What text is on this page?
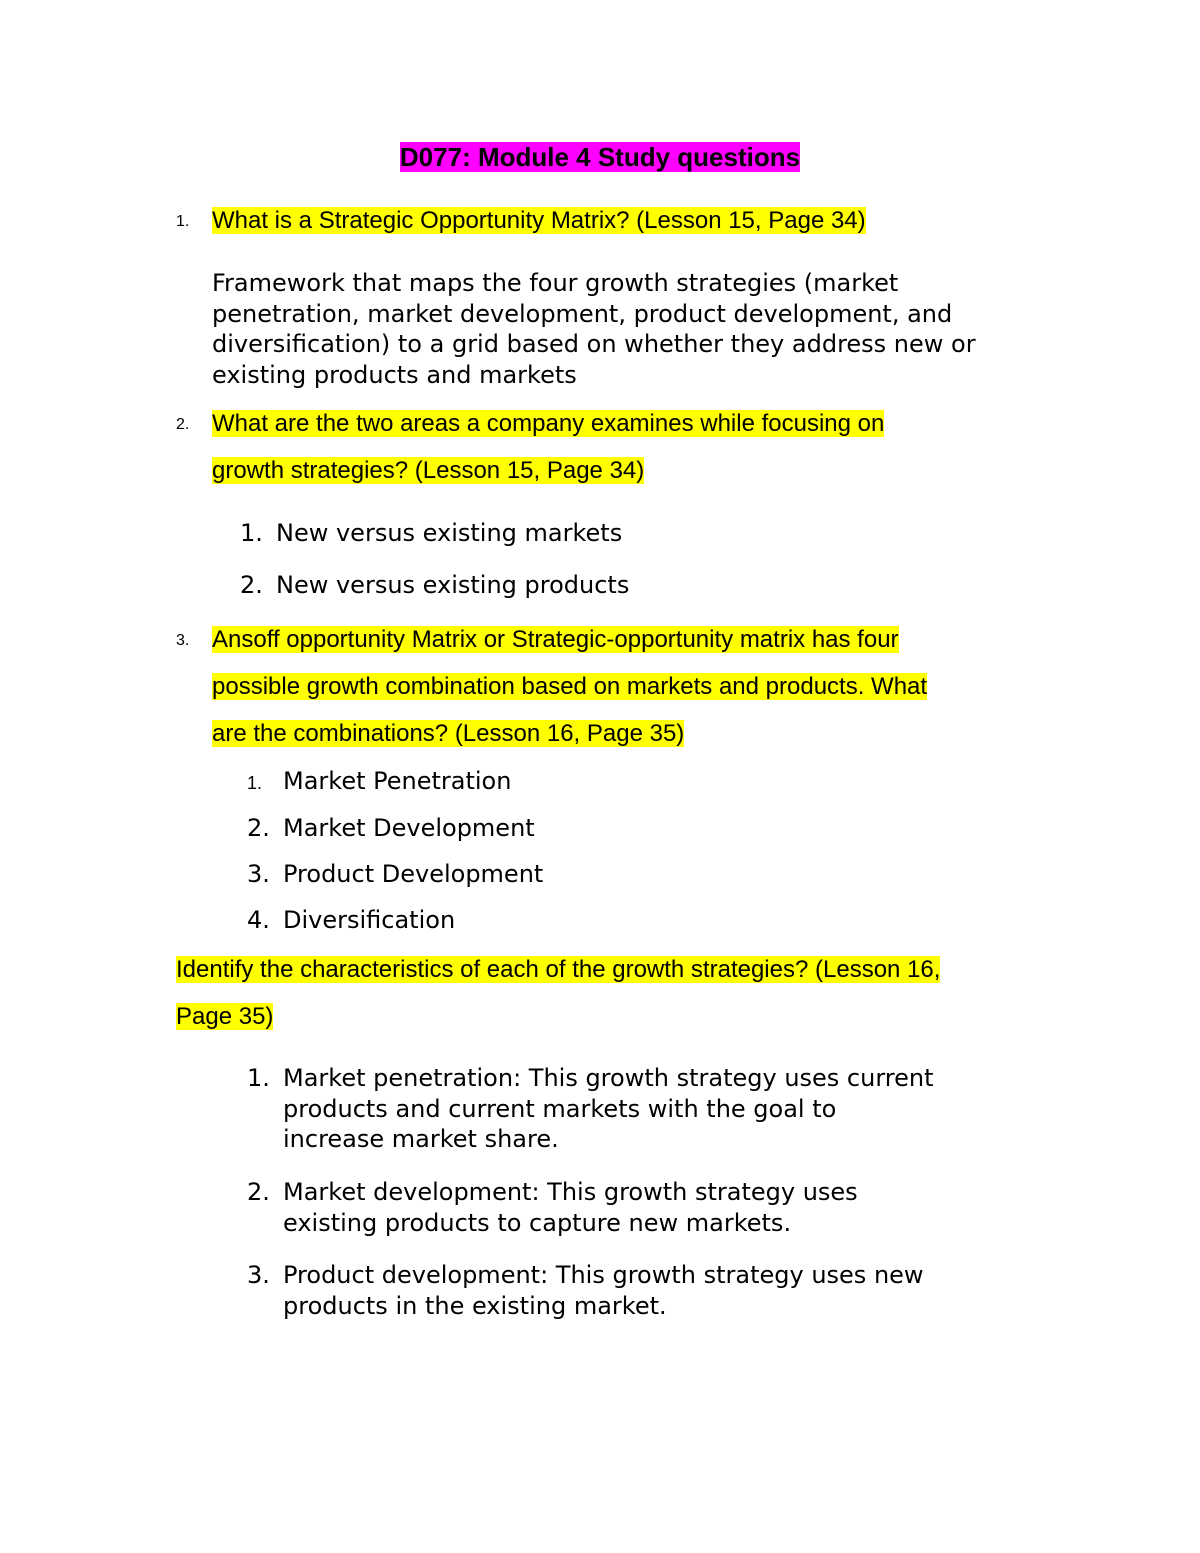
D077: Module 4 Study questions
1. What is a Strategic Opportunity Matrix? (Lesson 15, Page 34)
Framework that maps the four growth strategies (market
penetration, market development, product development, and
diversification) to a grid based on whether they address new or
existing products and markets
2. What are the two areas a company examines while focusing on
growth strategies? (Lesson 15, Page 34)
1. New versus existing markets
2. New versus existing products
3. Ansoff opportunity Matrix or Strategic-opportunity matrix has four
possible growth combination based on markets and products. What
are the combinations? (Lesson 16, Page 35)
1. Market Penetration
2. Market Development
3. Product Development
4. Diversification
Identify the characteristics of each of the growth strategies? (Lesson 16,
Page 35)
1. Market penetration: This growth strategy uses current
products and current markets with the goal to
increase market share.
2. Market development: This growth strategy uses
existing products to capture new markets.
3. Product development: This growth strategy uses new
products in the existing market.
